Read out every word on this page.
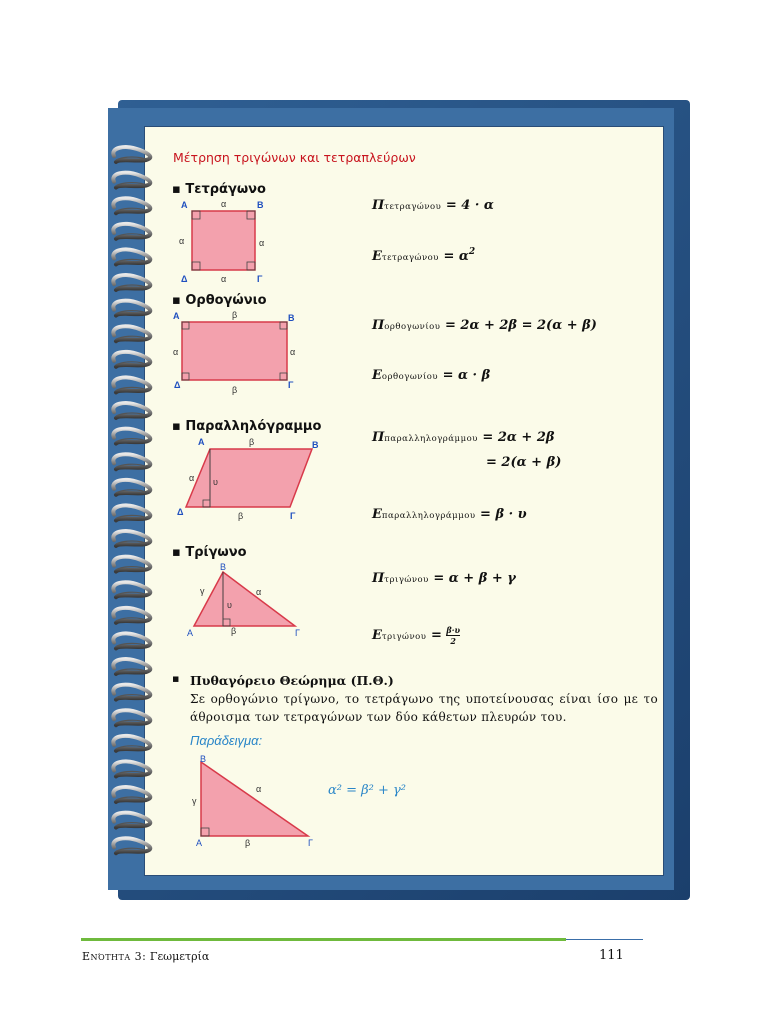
Μέτρηση τριγώνων και τετραπλεύρων
▪ Τετράγωνο
Α	Β
Γ
Δ
α
α	α
α
Πτετραγώνου = 4 · α
$E\tau\varepsilon\tau\rho\alpha\gamma ώ\nu o\upsilon = \alpha^2$
▪ Ορθογώνιο
Α	Β
Γ
Δ
β
α	α
β
Πορθογωνίου = 2α + 2β = 2(α + β)
Εορθογωνίου = α · β
▪ Παραλληλόγραμμο
Α	Β
Γ
Δ
β
α
β
υ
Ππαραλληλογράμμου = 2α + 2β
= 2(α + β)
Επαραλληλογράμμου = β · υ
▪ Τρίγωνο
Α
Β
Γ
γ	α
β
υ
Πτριγώνου = α + β + γ
$E\tau\rho\iota\gamma ώ\nu o\upsilon = \frac{\beta\cdot\upsilon}{2}$
▪ Πυθαγόρειο Θεώρημα (Π.Θ.)
Σε ορθογώνιο τρίγωνο, το τετράγωνο της υποτείνουσας είναι ίσο με το άθροισμα των τετραγώνων των δύο κάθετων πλευρών του.
Παράδειγμα:
Α
Β
Γ
α
γ
β
α² = β² + γ²
Ενότητα 3: Γεωμετρία	111
